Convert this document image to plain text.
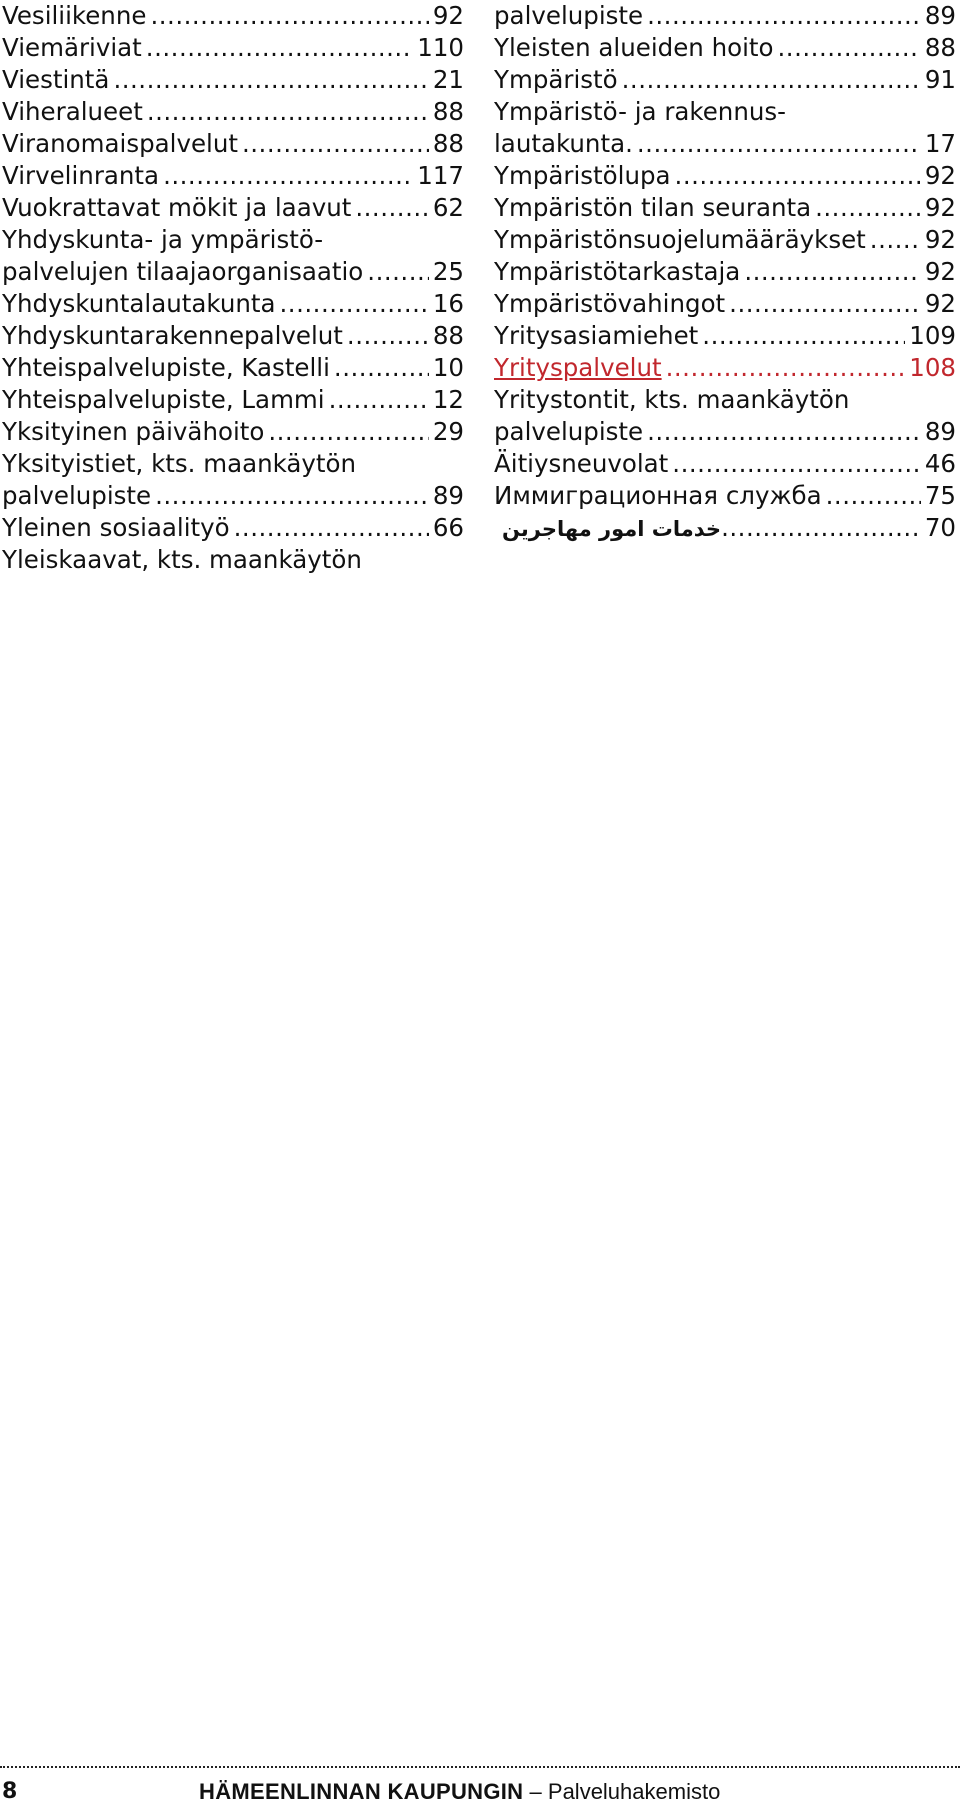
Vesiliikenne .....	92
Viemäriviat .....	110
Viestintä .....	21
Viheralueet .....	88
Viranomaispalvelut .....	88
Virvelinranta .....	117
Vuokrattavat mökit ja laavut .....	62
Yhdyskunta- ja ympäristö-
palvelujen tilaajaorganisaatio .....	25
Yhdyskuntalautakunta .....	16
Yhdyskuntarakennepalvelut .....	88
Yhteispalvelupiste, Kastelli .....	10
Yhteispalvelupiste, Lammi .....	12
Yksityinen päivähoito .....	29
Yksityistiet, kts. maankäytön
palvelupiste .....	89
Yleinen sosiaalityö .....	66
Yleiskaavat, kts. maankäytön
palvelupiste .....	89
Yleisten alueiden hoito .....	88
Ympäristö .....	91
Ympäristö- ja rakennus-
lautakunta. .....	17
Ympäristölupa .....	92
Ympäristön tilan seuranta .....	92
Ympäristönsuojelumääräykset ..... 92
Ympäristötarkastaja .....	92
Ympäristövahingot .....	92
Yritysasiamiehet .....	109
Yrityspalvelut .....	108
Yritystontit, kts. maankäytön
palvelupiste .....	89
Äitiysneuvolat .....	46
Иммиграционная служба .....	75
خدمات امور مهاجرين .....	70
8	HÄMEENLINNAN KAUPUNGIN – Palveluhakemisto
